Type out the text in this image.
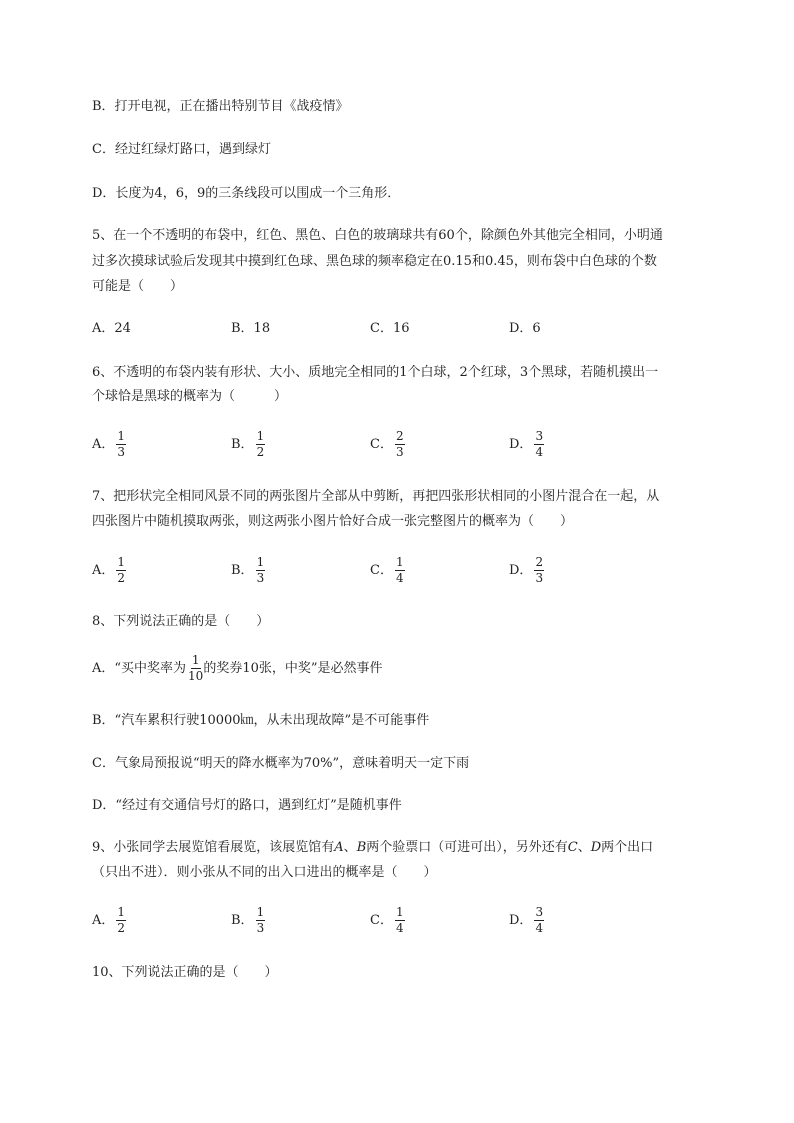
B．打开电视，正在播出特别节目《战疫情》
C．经过红绿灯路口，遇到绿灯
D．长度为4，6，9的三条线段可以围成一个三角形．
5、在一个不透明的布袋中，红色、黑色、白色的玻璃球共有60个，除颜色外其他完全相同，小明通
过多次摸球试验后发现其中摸到红色球、黑色球的频率稳定在0.15和0.45，则布袋中白色球的个数
可能是（　　）
A．24	B．18	C．16	D．6
6、不透明的布袋内装有形状、大小、质地完全相同的1个白球，2个红球，3个黑球，若随机摸出一
个球恰是黑球的概率为（　　　）
A． $\frac{1}{3}$	B． $\frac{1}{2}$	C． $\frac{2}{3}$	D． $\frac{3}{4}$
7、把形状完全相同风景不同的两张图片全部从中剪断，再把四张形状相同的小图片混合在一起，从
四张图片中随机摸取两张，则这两张小图片恰好合成一张完整图片的概率为（　　）
A． $\frac{1}{2}$	B． $\frac{1}{3}$	C． $\frac{1}{4}$	D． $\frac{2}{3}$
8、下列说法正确的是（　　）
A．“买中奖率为 $\frac{1}{10}$ 的奖券10张，中奖”是必然事件
B．“汽车累积行驶10000㎞，从未出现故障”是不可能事件
C．气象局预报说“明天的降水概率为70%”，意味着明天一定下雨
D．“经过有交通信号灯的路口，遇到红灯”是随机事件
9、小张同学去展览馆看展览，该展览馆有A、B两个验票口（可进可出），另外还有C、D两个出口
（只出不进）．则小张从不同的出入口进出的概率是（　　）
A． $\frac{1}{2}$	B． $\frac{1}{3}$	C． $\frac{1}{4}$	D． $\frac{3}{4}$
10、下列说法正确的是（　　）
